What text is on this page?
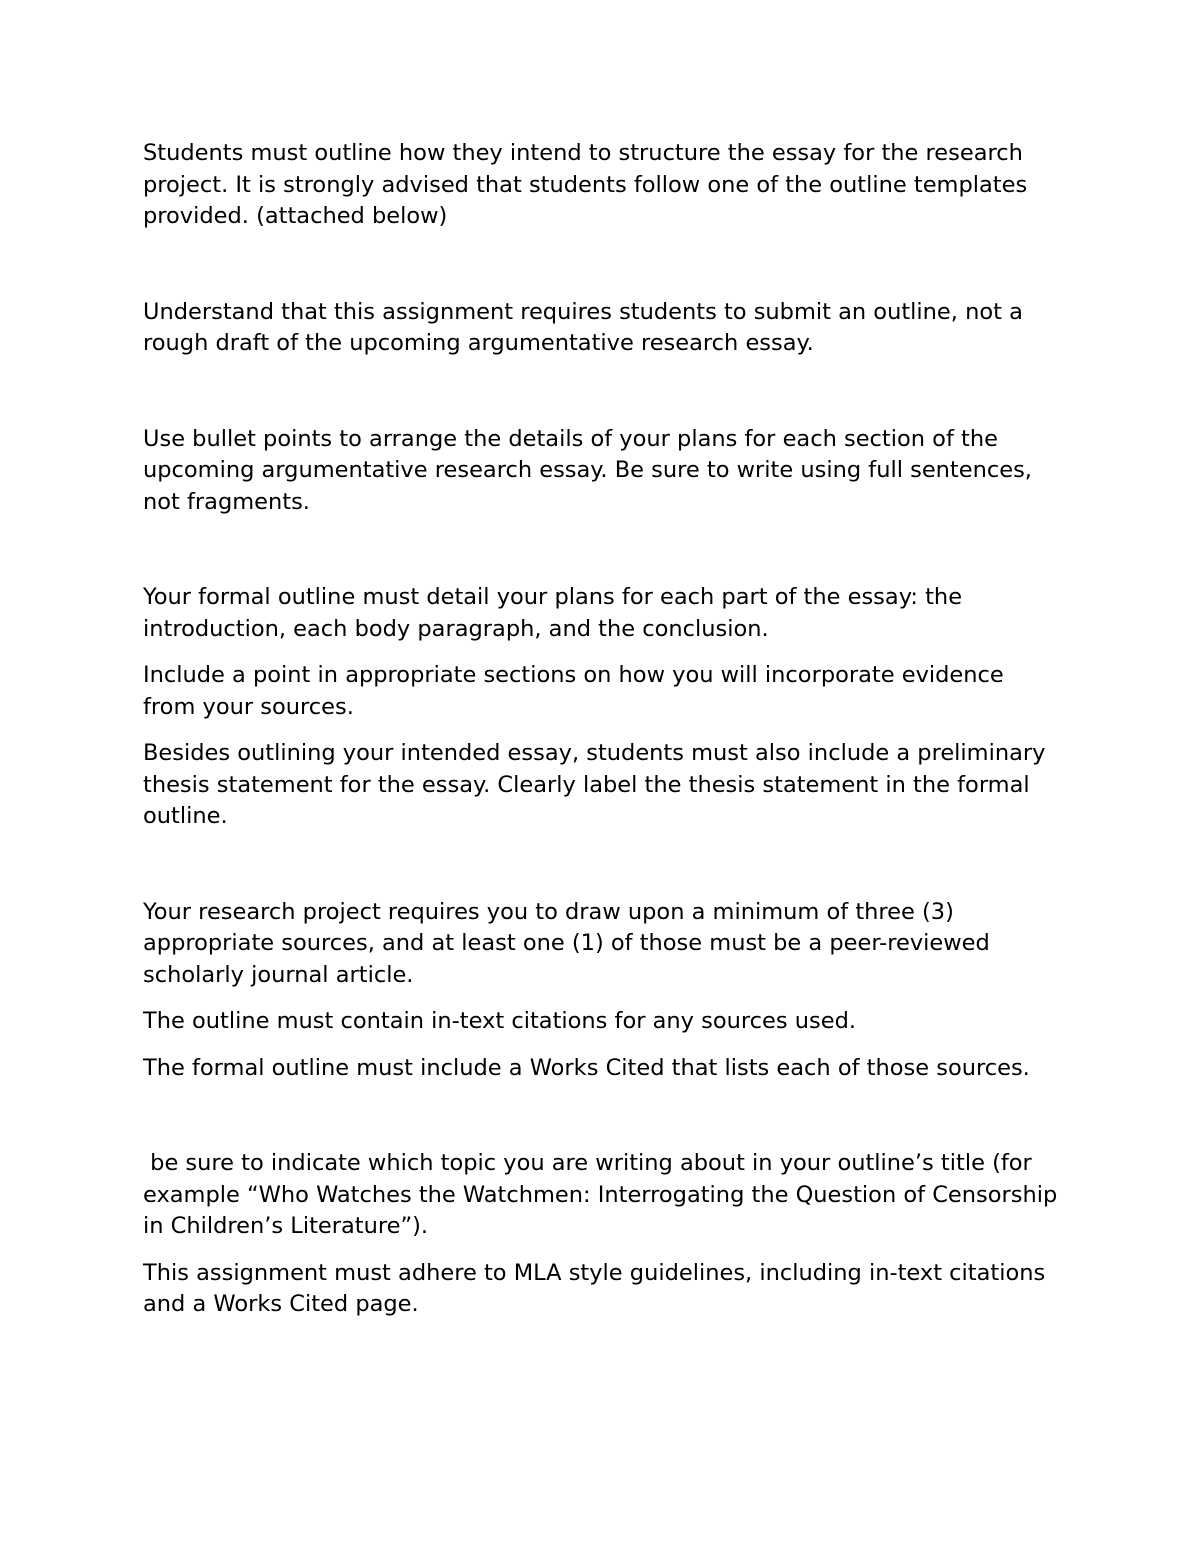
Students must outline how they intend to structure the essay for the research project. It is strongly advised that students follow one of the outline templates provided. (attached below)

Understand that this assignment requires students to submit an outline, not a rough draft of the upcoming argumentative research essay.

Use bullet points to arrange the details of your plans for each section of the upcoming argumentative research essay. Be sure to write using full sentences, not fragments.

Your formal outline must detail your plans for each part of the essay: the introduction, each body paragraph, and the conclusion.

Include a point in appropriate sections on how you will incorporate evidence from your sources.

Besides outlining your intended essay, students must also include a preliminary thesis statement for the essay. Clearly label the thesis statement in the formal outline.

Your research project requires you to draw upon a minimum of three (3) appropriate sources, and at least one (1) of those must be a peer-reviewed scholarly journal article.

The outline must contain in-text citations for any sources used.

The formal outline must include a Works Cited that lists each of those sources.

be sure to indicate which topic you are writing about in your outline’s title (for example “Who Watches the Watchmen: Interrogating the Question of Censorship in Children’s Literature”).

This assignment must adhere to MLA style guidelines, including in-text citations and a Works Cited page.
